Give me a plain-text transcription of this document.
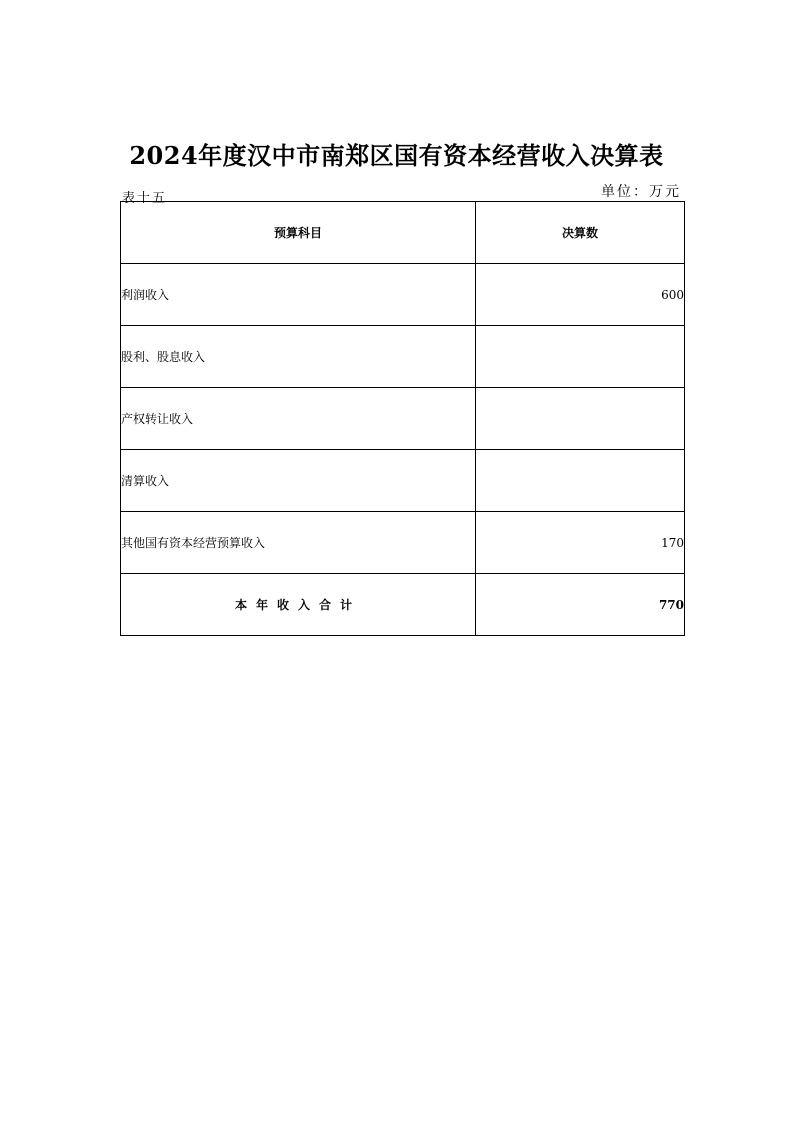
2024年度汉中市南郑区国有资本经营收入决算表
表十五	单位：万元
预算科目	决算数
利润收入	600
股利、股息收入	
产权转让收入	
清算收入	
其他国有资本经营预算收入	170
本年收入合计	770
